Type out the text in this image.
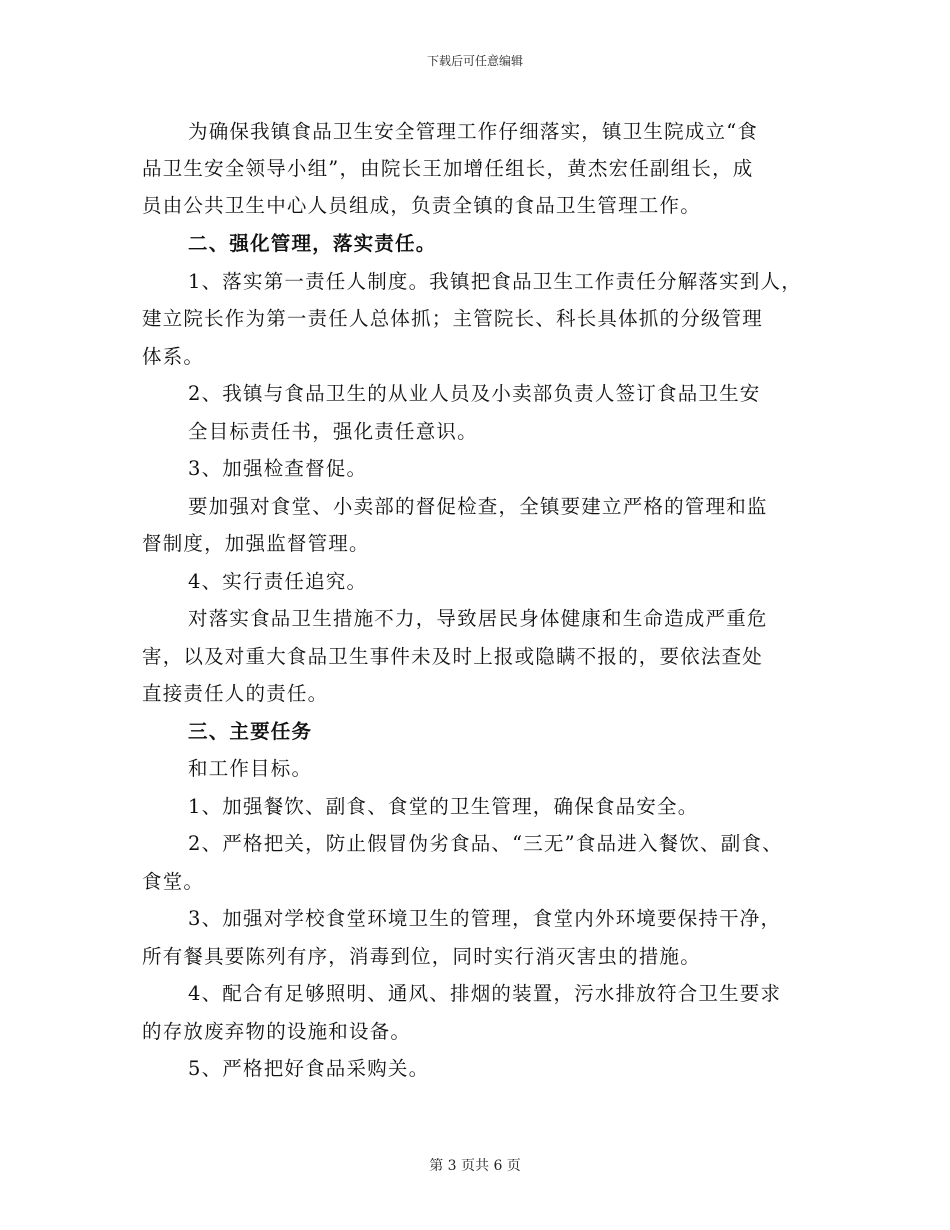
下载后可任意编辑
为确保我镇食品卫生安全管理工作仔细落实，镇卫生院成立“食
品卫生安全领导小组”，由院长王加增任组长，黄杰宏任副组长，成
员由公共卫生中心人员组成，负责全镇的食品卫生管理工作。
二、强化管理，落实责任。
1、落实第一责任人制度。我镇把食品卫生工作责任分解落实到人，
建立院长作为第一责任人总体抓；主管院长、科长具体抓的分级管理
体系。
2、我镇与食品卫生的从业人员及小卖部负责人签订食品卫生安
全目标责任书，强化责任意识。
3、加强检查督促。
要加强对食堂、小卖部的督促检查，全镇要建立严格的管理和监
督制度，加强监督管理。
4、实行责任追究。
对落实食品卫生措施不力，导致居民身体健康和生命造成严重危
害，以及对重大食品卫生事件未及时上报或隐瞒不报的，要依法查处
直接责任人的责任。
三、主要任务
和工作目标。
1、加强餐饮、副食、食堂的卫生管理，确保食品安全。
2、严格把关，防止假冒伪劣食品、“三无”食品进入餐饮、副食、
食堂。
3、加强对学校食堂环境卫生的管理，食堂内外环境要保持干净，
所有餐具要陈列有序，消毒到位，同时实行消灭害虫的措施。
4、配合有足够照明、通风、排烟的装置，污水排放符合卫生要求
的存放废弃物的设施和设备。
5、严格把好食品采购关。
第 3 页共 6 页
